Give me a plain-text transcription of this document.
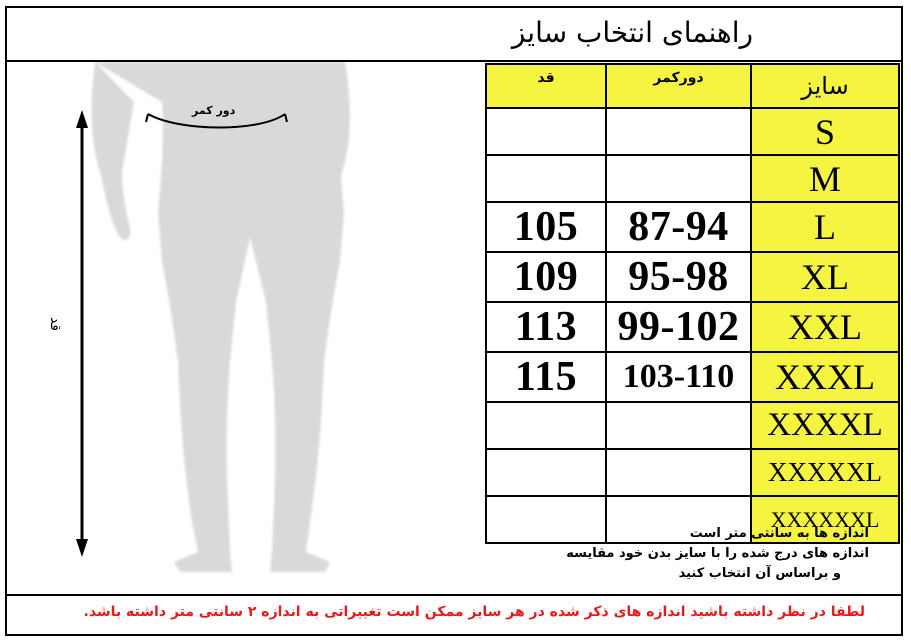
راهنمای انتخاب سایز
دور کمر
قد
قد	دورکمر	سایز
		S
		M
105	87-94	L
109	95-98	XL
113	99-102	XXL
115	103-110	XXXL
		XXXXL
		XXXXXL
		XXXXXXL
اندازه ها به سانتی متر است
اندازه های درج شده را با سایز بدن خود مقایسه
و براساس آن انتخاب کنید
لطفا در نظر داشته باشید اندازه های ذکر شده در هر سایز ممکن است تغییراتی به اندازه ۲ سانتی متر داشته باشد.
